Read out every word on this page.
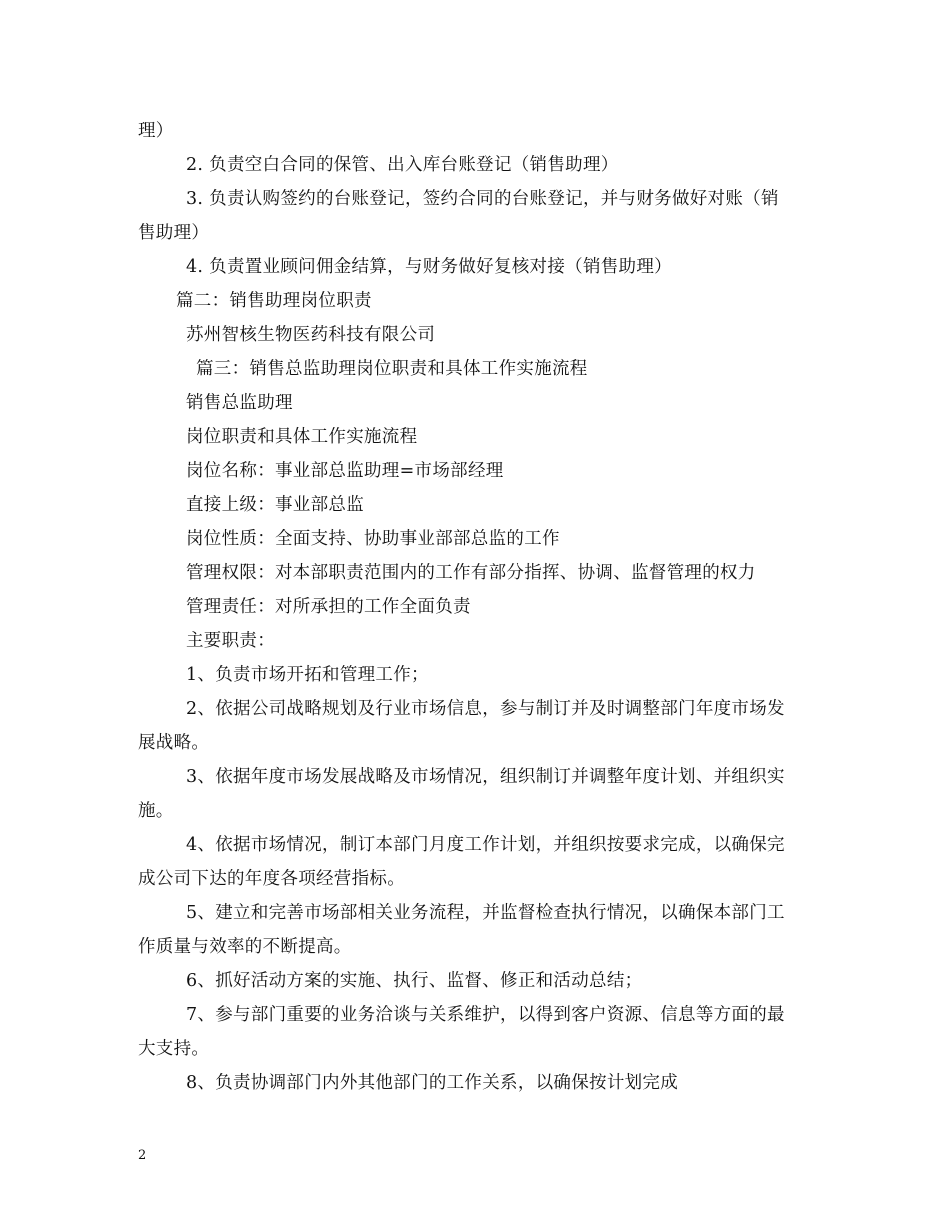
理）
2. 负责空白合同的保管、出入库台账登记（销售助理）
3. 负责认购签约的台账登记，签约合同的台账登记，并与财务做好对账（销
售助理）
4. 负责置业顾问佣金结算，与财务做好复核对接（销售助理）
篇二：销售助理岗位职责
苏州智核生物医药科技有限公司
篇三：销售总监助理岗位职责和具体工作实施流程
销售总监助理
岗位职责和具体工作实施流程
岗位名称：事业部总监助理=市场部经理
直接上级：事业部总监
岗位性质：全面支持、协助事业部部总监的工作
管理权限：对本部职责范围内的工作有部分指挥、协调、监督管理的权力
管理责任：对所承担的工作全面负责
主要职责：
1、负责市场开拓和管理工作；
2、依据公司战略规划及行业市场信息，参与制订并及时调整部门年度市场发
展战略。
3、依据年度市场发展战略及市场情况，组织制订并调整年度计划、并组织实
施。
4、依据市场情况，制订本部门月度工作计划，并组织按要求完成，以确保完
成公司下达的年度各项经营指标。
5、建立和完善市场部相关业务流程，并监督检查执行情况，以确保本部门工
作质量与效率的不断提高。
6、抓好活动方案的实施、执行、监督、修正和活动总结；
7、参与部门重要的业务洽谈与关系维护，以得到客户资源、信息等方面的最
大支持。
8、负责协调部门内外其他部门的工作关系，以确保按计划完成
2
